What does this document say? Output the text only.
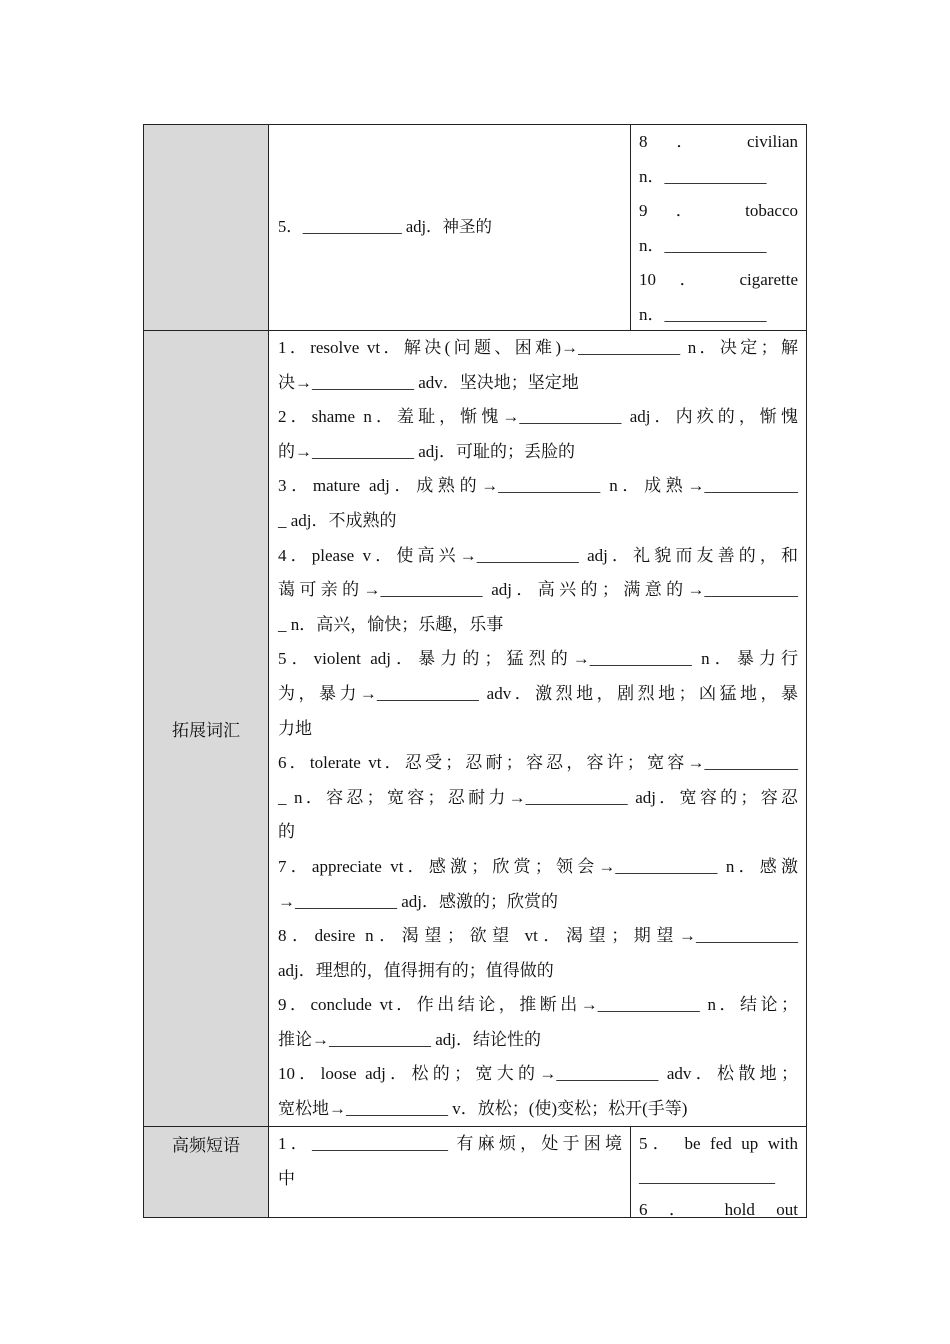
5．____________ adj．神圣的

8 ． civilian

n．____________

9 ． tobacco

n．____________

10 ． cigarette

n．____________

拓展词汇

1．resolve vt．解决(问题、困难)→____________ n．决定；解

决→____________ adv．坚决地；坚定地

2．shame n．羞耻，惭愧→____________ adj．内疚的，惭愧

的→____________ adj．可耻的；丢脸的

3．mature adj．成熟的→____________ n．成熟→___________

_ adj．不成熟的

4．please v．使高兴→____________ adj．礼貌而友善的，和

蔼可亲的→____________ adj．高兴的；满意的→___________

_ n．高兴，愉快；乐趣，乐事

5．violent adj．暴力的；猛烈的→____________ n．暴力行

为，暴力→____________ adv．激烈地，剧烈地；凶猛地，暴

力地

6．tolerate vt．忍受；忍耐；容忍，容许；宽容→___________

_ n．容忍；宽容；忍耐力→____________ adj．宽容的；容忍

的

7．appreciate vt．感激；欣赏；领会→____________ n．感激

→____________ adj．感激的；欣赏的

8．desire n．渴望；欲望 vt．渴望；期望→____________

adj．理想的，值得拥有的；值得做的

9．conclude vt．作出结论，推断出→____________ n．结论；

推论→____________ adj．结论性的

10．loose adj．松的；宽大的→____________ adv．松散地；

宽松地→____________ v．放松；(使)变松；松开(手等)

高频短语 1．________________ 有麻烦，处于困境

中

5． be fed up with

________________

6 ． hold out
